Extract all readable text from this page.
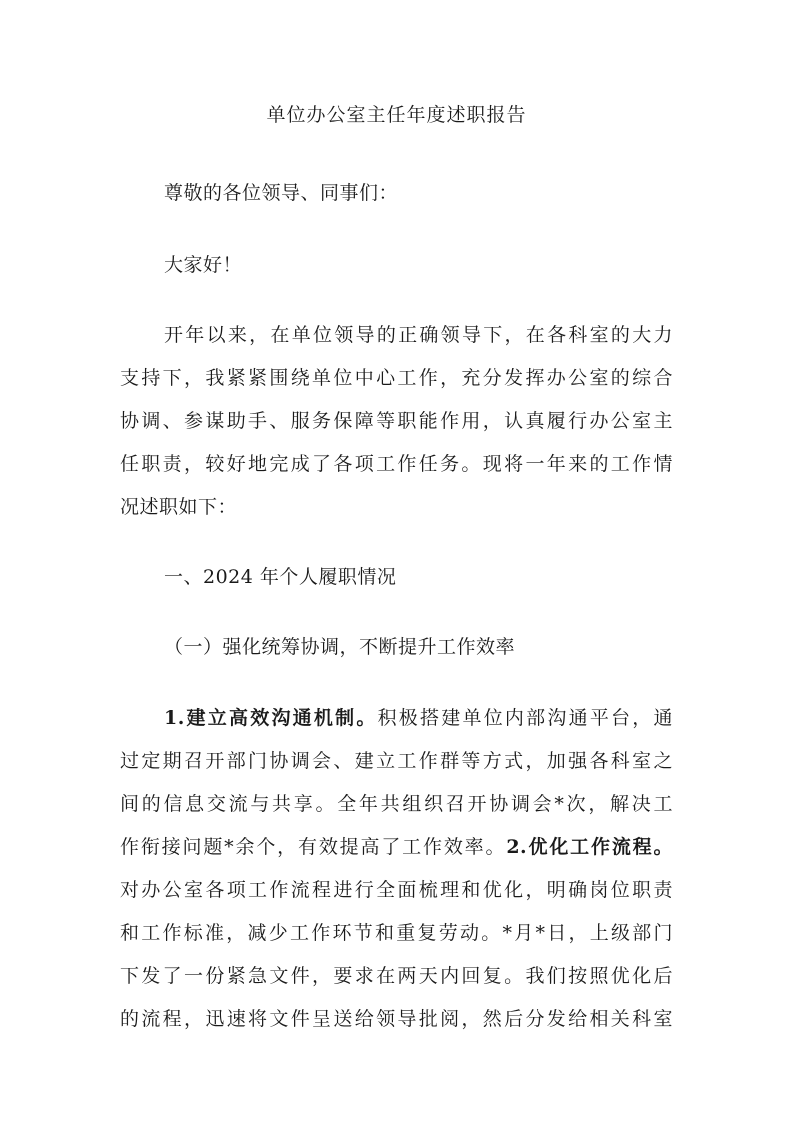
单位办公室主任年度述职报告
尊敬的各位领导、同事们：
大家好！
开年以来，在单位领导的正确领导下，在各科室的大力
支持下，我紧紧围绕单位中心工作，充分发挥办公室的综合
协调、参谋助手、服务保障等职能作用，认真履行办公室主
任职责，较好地完成了各项工作任务。现将一年来的工作情
况述职如下：
一、2024 年个人履职情况
（一）强化统筹协调，不断提升工作效率
1.建立高效沟通机制。积极搭建单位内部沟通平台，通
过定期召开部门协调会、建立工作群等方式，加强各科室之
间的信息交流与共享。全年共组织召开协调会*次，解决工
作衔接问题*余个，有效提高了工作效率。2.优化工作流程。
对办公室各项工作流程进行全面梳理和优化，明确岗位职责
和工作标准，减少工作环节和重复劳动。*月*日，上级部门
下发了一份紧急文件，要求在两天内回复。我们按照优化后
的流程，迅速将文件呈送给领导批阅，然后分发给相关科室
